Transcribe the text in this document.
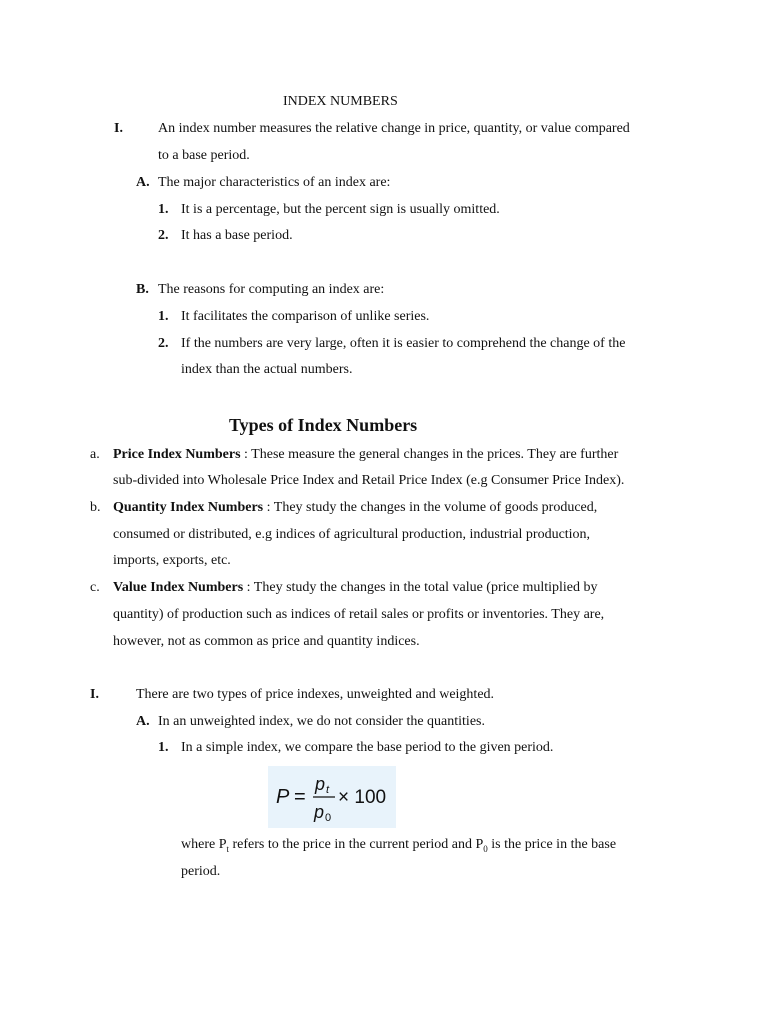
INDEX NUMBERS
I.	An index number measures the relative change in price, quantity, or value compared
to a base period.
A. The major characteristics of an index are:
1. It is a percentage, but the percent sign is usually omitted.
2. It has a base period.
B. The reasons for computing an index are:
1. It facilitates the comparison of unlike series.
2. If the numbers are very large, often it is easier to comprehend the change of the
index than the actual numbers.
Types of Index Numbers
a. Price Index Numbers : These measure the general changes in the prices. They are further
sub-divided into Wholesale Price Index and Retail Price Index (e.g Consumer Price Index).
b. Quantity Index Numbers : They study the changes in the volume of goods produced,
consumed or distributed, e.g indices of agricultural production, industrial production,
imports, exports, etc.
c. Value Index Numbers : They study the changes in the total value (price multiplied by
quantity) of production such as indices of retail sales or profits or inventories. They are,
however, not as common as price and quantity indices.
I.	There are two types of price indexes, unweighted and weighted.
A. In an unweighted index, we do not consider the quantities.
1. In a simple index, we compare the base period to the given period.
P =
p t
p 0
× 100
where $P_t$ refers to the price in the current period and $P_0$ is the price in the base
period.
